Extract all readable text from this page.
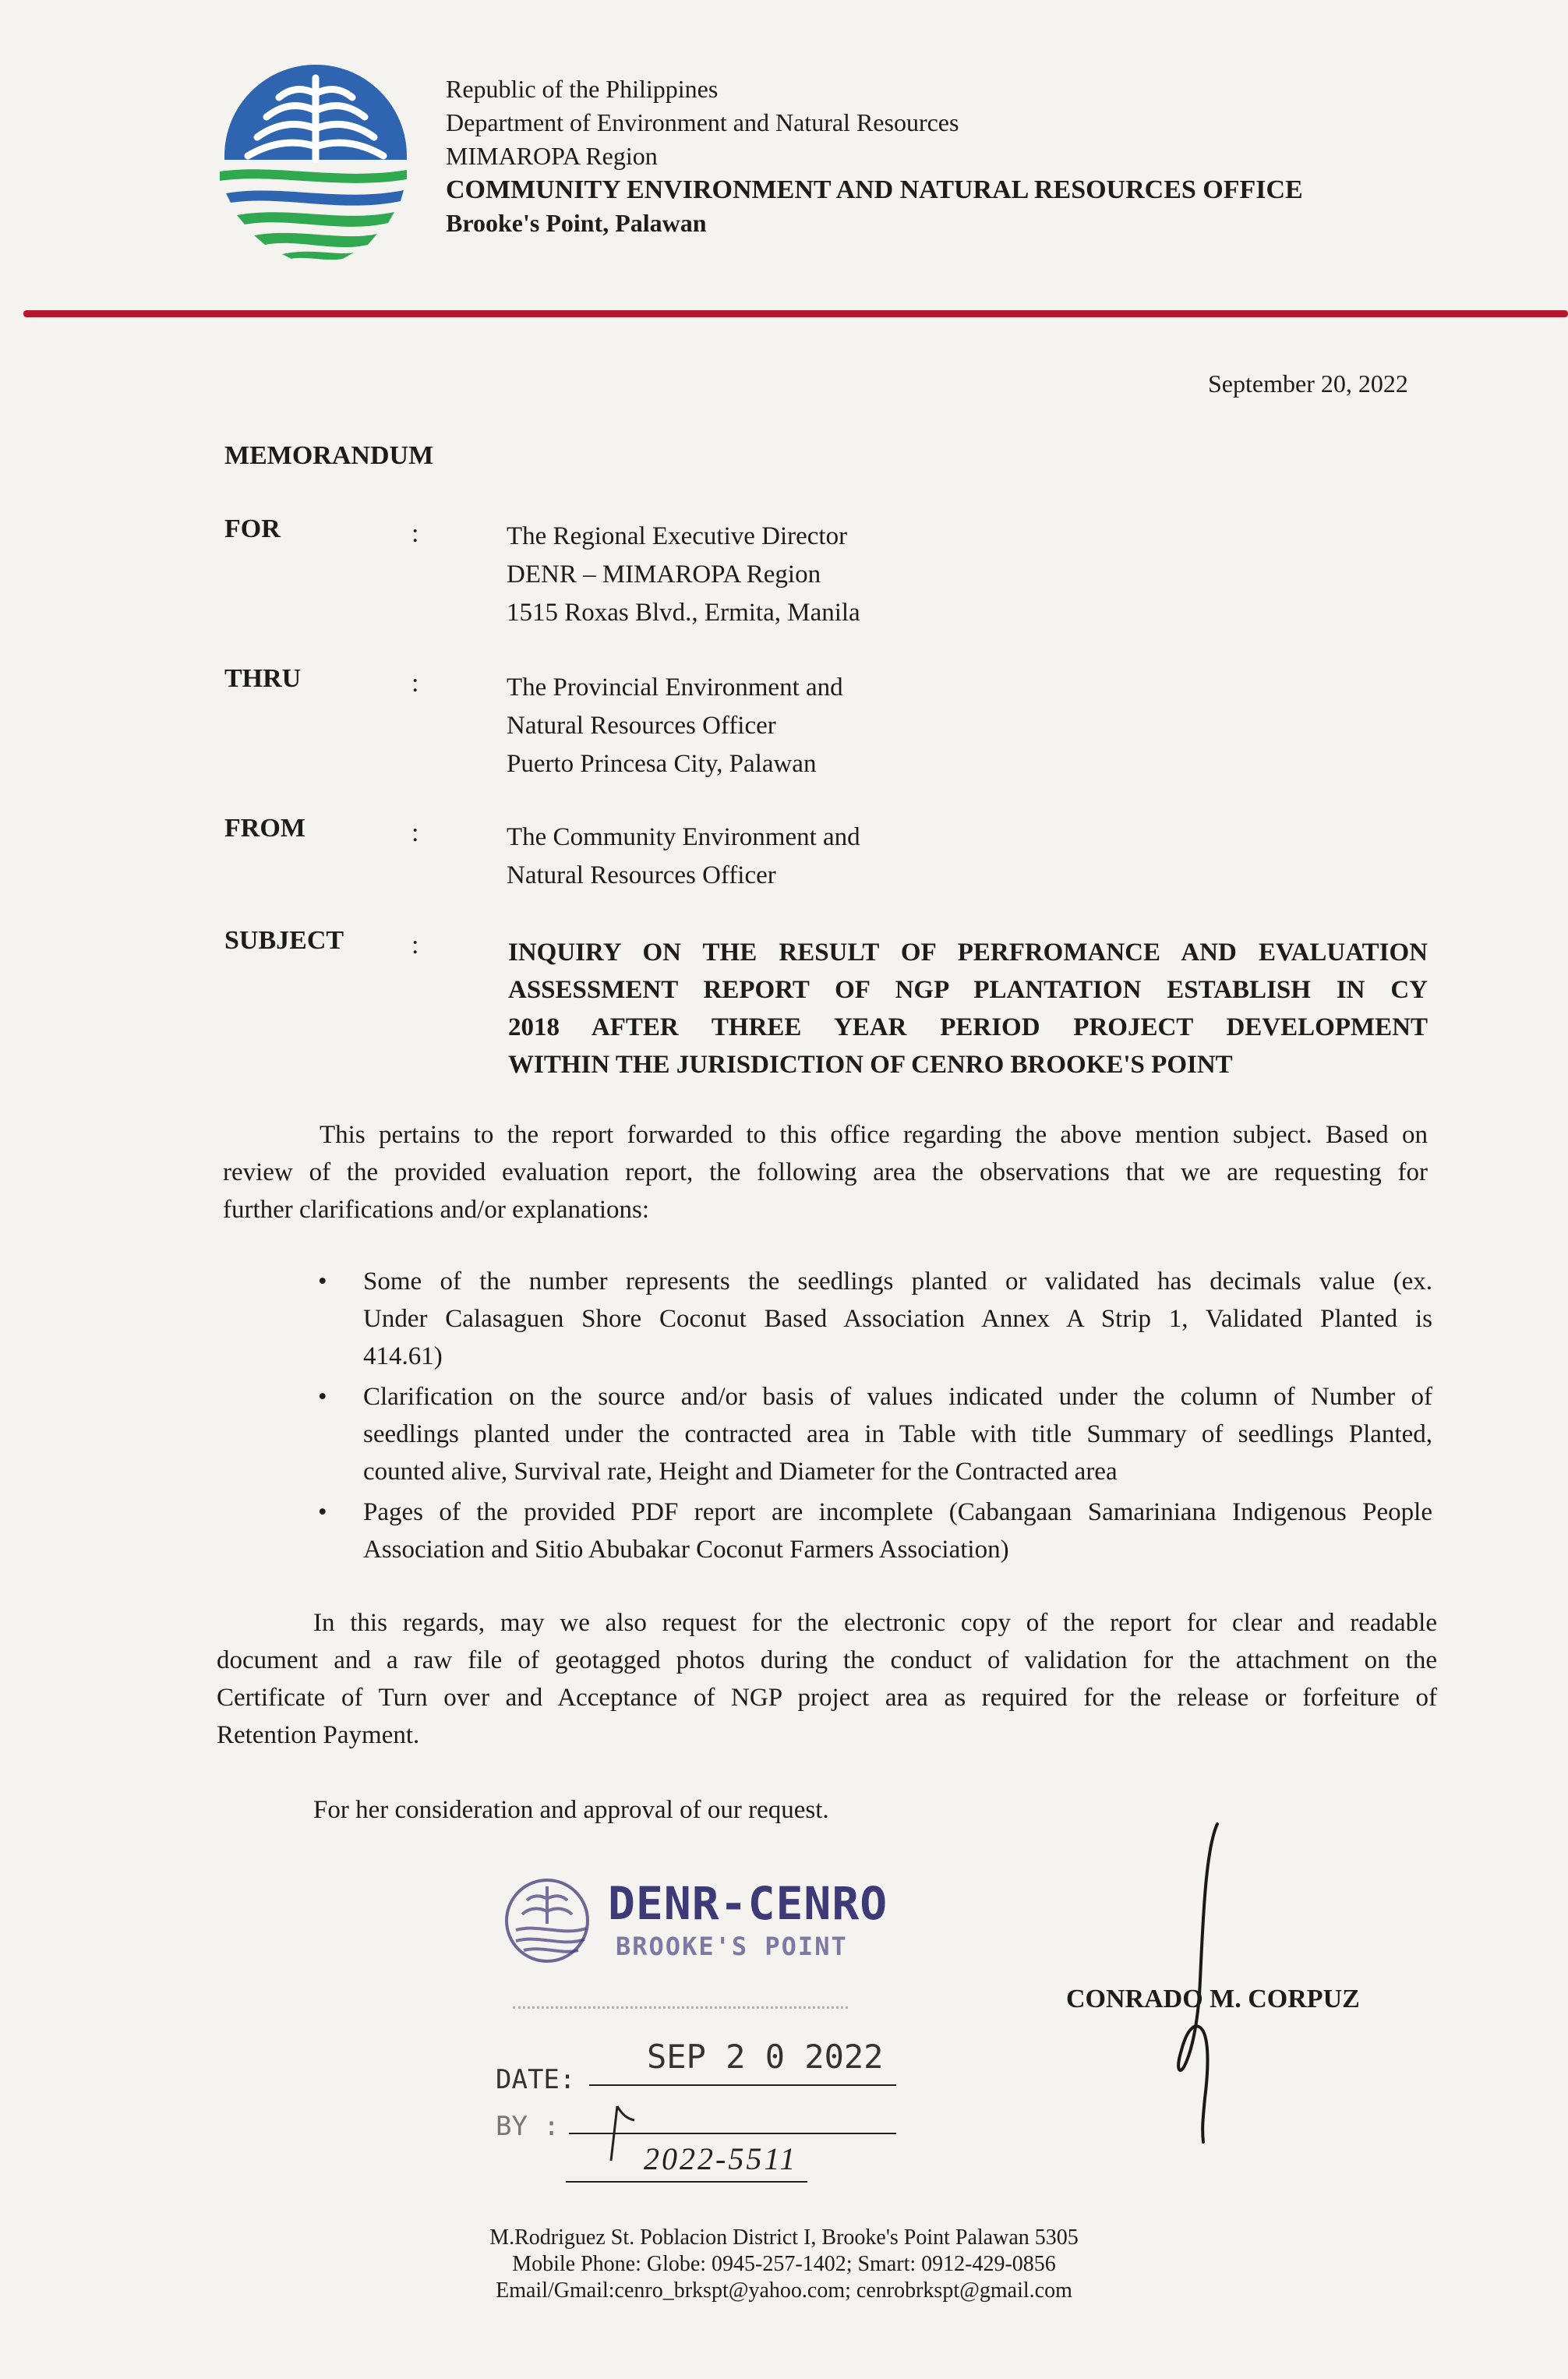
Republic of the Philippines
Department of Environment and Natural Resources
MIMAROPA Region
COMMUNITY ENVIRONMENT AND NATURAL RESOURCES OFFICE
Brooke's Point, Palawan
September 20, 2022
MEMORANDUM
FOR	:	The Regional Executive Director
DENR – MIMAROPA Region
1515 Roxas Blvd., Ermita, Manila
THRU	:	The Provincial Environment and
Natural Resources Officer
Puerto Princesa City, Palawan
FROM	:	The Community Environment and
Natural Resources Officer
SUBJECT	:	INQUIRY ON THE RESULT OF PERFROMANCE AND EVALUATION
ASSESSMENT REPORT OF NGP PLANTATION ESTABLISH IN CY
2018 AFTER THREE YEAR PERIOD PROJECT DEVELOPMENT
WITHIN THE JURISDICTION OF CENRO BROOKE'S POINT
This pertains to the report forwarded to this office regarding the above mention subject. Based on
review of the provided evaluation report, the following area the observations that we are requesting for
further clarifications and/or explanations:
• Some of the number represents the seedlings planted or validated has decimals value (ex.
Under Calasaguen Shore Coconut Based Association Annex A Strip 1, Validated Planted is
414.61)
• Clarification on the source and/or basis of values indicated under the column of Number of
seedlings planted under the contracted area in Table with title Summary of seedlings Planted,
counted alive, Survival rate, Height and Diameter for the Contracted area
• Pages of the provided PDF report are incomplete (Cabangaan Samariniana Indigenous People
Association and Sitio Abubakar Coconut Farmers Association)
In this regards, may we also request for the electronic copy of the report for clear and readable
document and a raw file of geotagged photos during the conduct of validation for the attachment on the
Certificate of Turn over and Acceptance of NGP project area as required for the release or forfeiture of
Retention Payment.
For her consideration and approval of our request.
DENR-CENRO
BROOKE'S POINT
DATE:
SEP 2 0 2022
BY :
2022-5511
CONRADO M. CORPUZ
M.Rodriguez St. Poblacion District I, Brooke's Point Palawan 5305
Mobile Phone: Globe: 0945-257-1402; Smart: 0912-429-0856
Email/Gmail:cenro_brkspt@yahoo.com; cenrobrkspt@gmail.com
